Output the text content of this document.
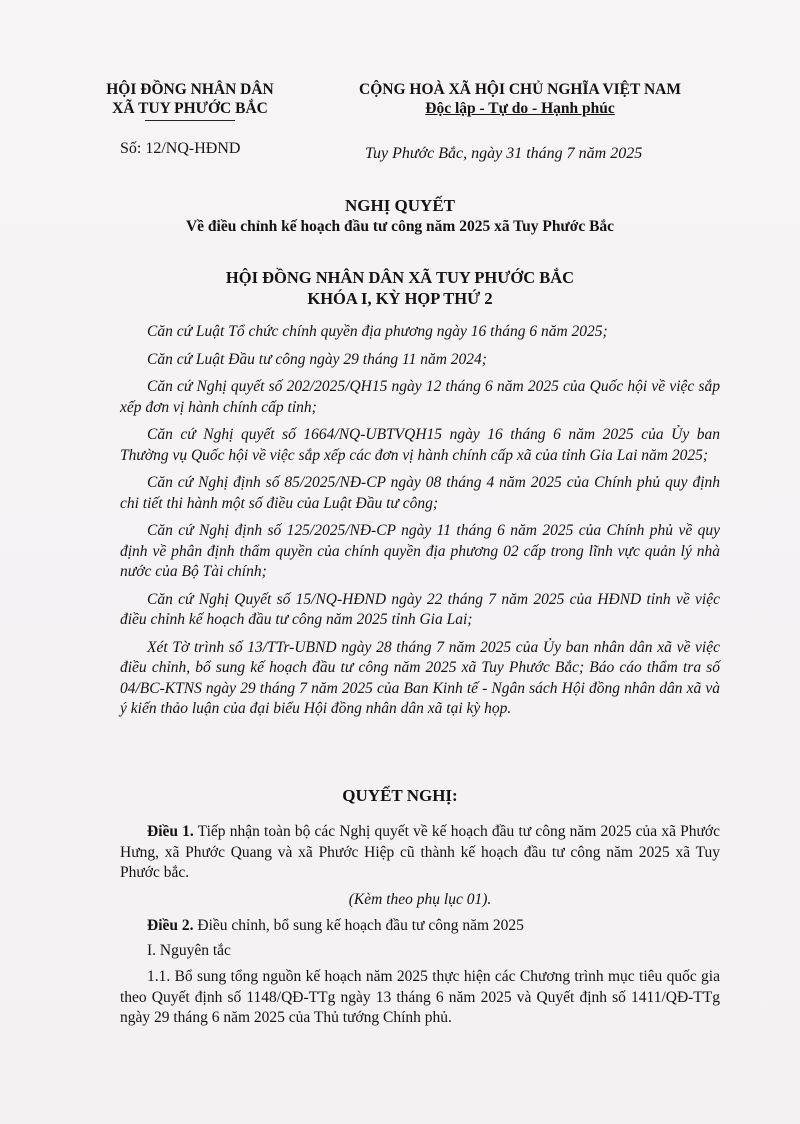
HỘI ĐỒNG NHÂN DÂN
XÃ TUY PHƯỚC BẮC
CỘNG HOÀ XÃ HỘI CHỦ NGHĨA VIỆT NAM
Độc lập - Tự do - Hạnh phúc
Số: 12/NQ-HĐND	Tuy Phước Bắc, ngày 31 tháng 7 năm 2025
NGHỊ QUYẾT
Về điều chỉnh kế hoạch đầu tư công năm 2025 xã Tuy Phước Bắc
HỘI ĐỒNG NHÂN DÂN XÃ TUY PHƯỚC BẮC
KHÓA I, KỲ HỌP THỨ 2

Căn cứ Luật Tổ chức chính quyền địa phương ngày 16 tháng 6 năm 2025;

Căn cứ Luật Đầu tư công ngày 29 tháng 11 năm 2024;

Căn cứ Nghị quyết số 202/2025/QH15 ngày 12 tháng 6 năm 2025 của Quốc hội về việc sắp xếp đơn vị hành chính cấp tỉnh;

Căn cứ Nghị quyết số 1664/NQ-UBTVQH15 ngày 16 tháng 6 năm 2025 của Ủy ban Thường vụ Quốc hội về việc sắp xếp các đơn vị hành chính cấp xã của tỉnh Gia Lai năm 2025;

Căn cứ Nghị định số 85/2025/NĐ-CP ngày 08 tháng 4 năm 2025 của Chính phủ quy định chi tiết thi hành một số điều của Luật Đầu tư công;

Căn cứ Nghị định số 125/2025/NĐ-CP ngày 11 tháng 6 năm 2025 của Chính phủ về quy định về phân định thẩm quyền của chính quyền địa phương 02 cấp trong lĩnh vực quản lý nhà nước của Bộ Tài chính;

Căn cứ Nghị Quyết số 15/NQ-HĐND ngày 22 tháng 7 năm 2025 của HĐND tỉnh về việc điều chỉnh kế hoạch đầu tư công năm 2025 tỉnh Gia Lai;

Xét Tờ trình số 13/TTr-UBND ngày 28 tháng 7 năm 2025 của Ủy ban nhân dân xã về việc điều chỉnh, bổ sung kế hoạch đầu tư công năm 2025 xã Tuy Phước Bắc; Báo cáo thẩm tra số 04/BC-KTNS ngày 29 tháng 7 năm 2025 của Ban Kinh tế - Ngân sách Hội đồng nhân dân xã và ý kiến thảo luận của đại biểu Hội đồng nhân dân xã tại kỳ họp.

QUYẾT NGHỊ:

Điều 1. Tiếp nhận toàn bộ các Nghị quyết về kế hoạch đầu tư công năm 2025 của xã Phước Hưng, xã Phước Quang và xã Phước Hiệp cũ thành kế hoạch đầu tư công năm 2025 xã Tuy Phước bắc.

(Kèm theo phụ lục 01).

Điều 2. Điều chỉnh, bổ sung kế hoạch đầu tư công năm 2025

I. Nguyên tắc

1.1. Bổ sung tổng nguồn kế hoạch năm 2025 thực hiện các Chương trình mục tiêu quốc gia theo Quyết định số 1148/QĐ-TTg ngày 13 tháng 6 năm 2025 và Quyết định số 1411/QĐ-TTg ngày 29 tháng 6 năm 2025 của Thủ tướng Chính phủ.
